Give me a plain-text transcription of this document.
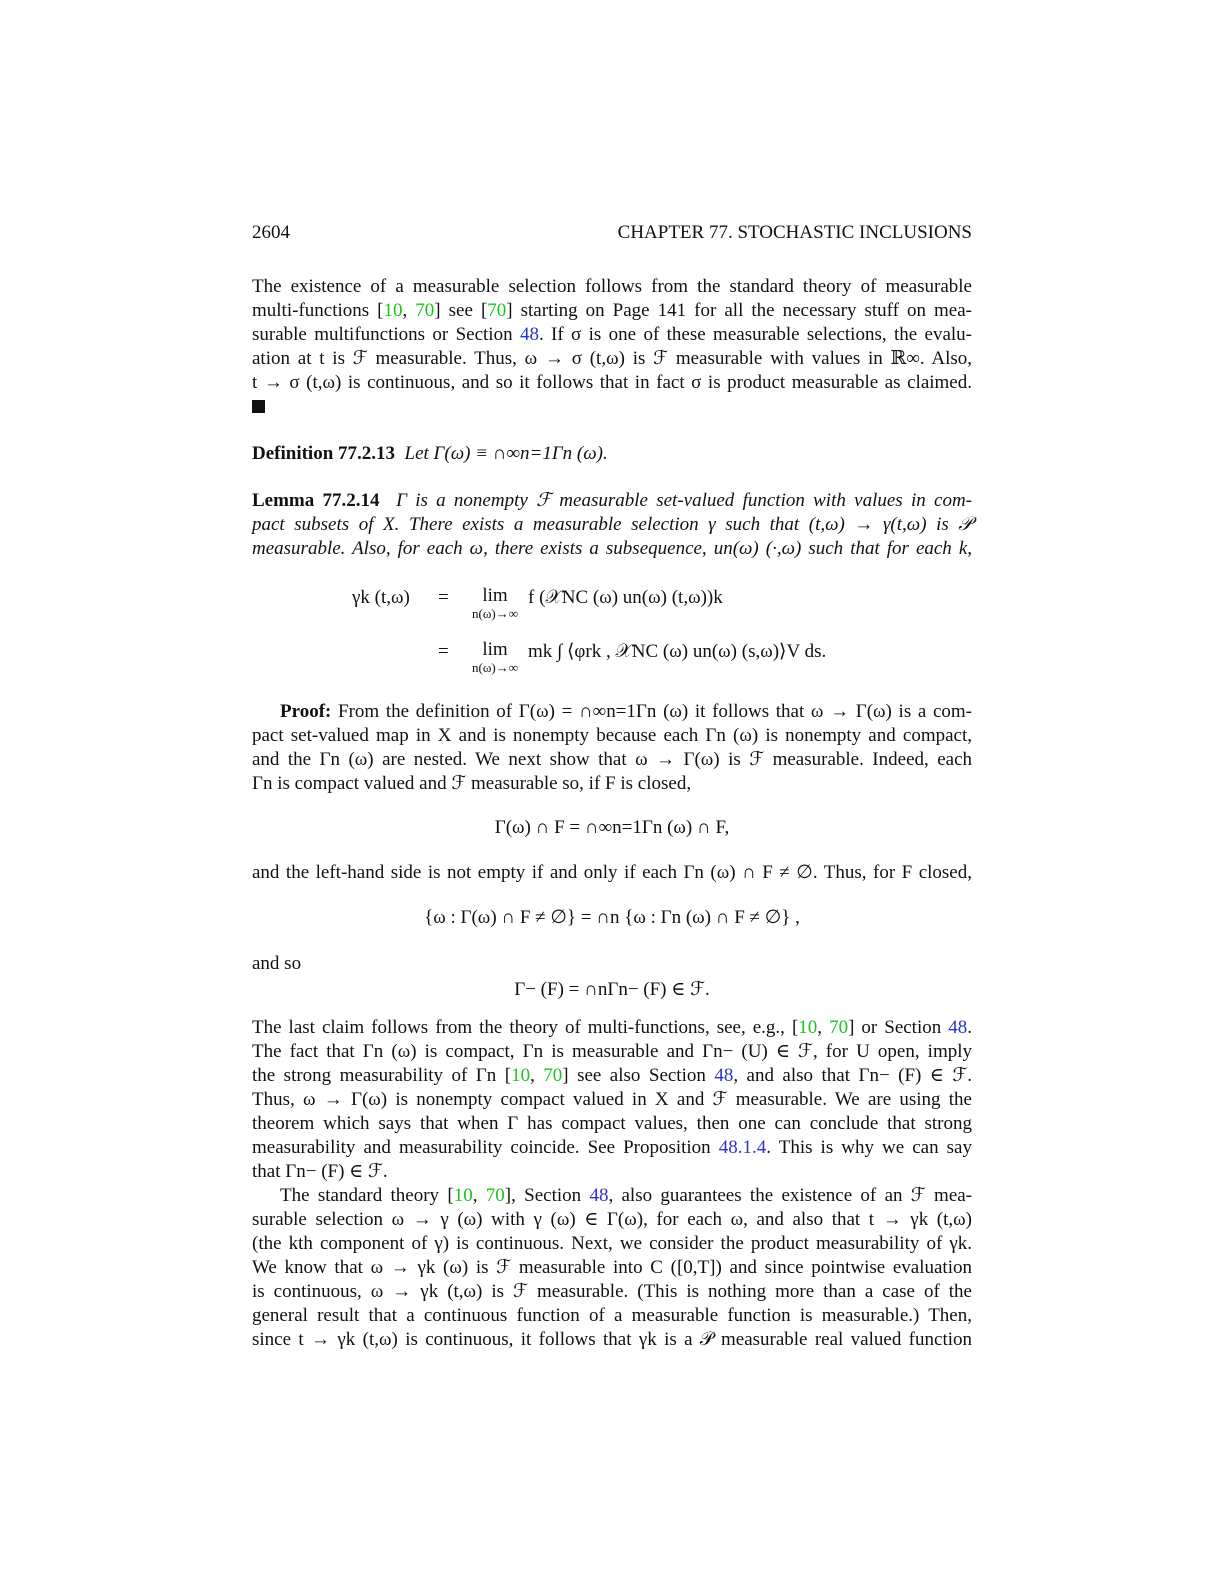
2604	CHAPTER 77. STOCHASTIC INCLUSIONS
The existence of a measurable selection follows from the standard theory of measurable
multi-functions [10, 70] see [70] starting on Page 141 for all the necessary stuff on mea-
surable multifunctions or Section 48. If σ is one of these measurable selections, the evalu-
ation at t is ℱ measurable. Thus, ω → σ (t,ω) is ℱ measurable with values in ℝ∞. Also,
t → σ (t,ω) is continuous, and so it follows that in fact σ is product measurable as claimed.
Definition 77.2.13 Let Γ(ω) ≡ ∩∞n=1Γn (ω).
Lemma 77.2.14 Γ is a nonempty ℱ measurable set-valued function with values in com-
pact subsets of X. There exists a measurable selection γ such that (t,ω) → γ(t,ω) is 𝒫
measurable. Also, for each ω, there exists a subsequence, un(ω) (·,ω) such that for each k,
γk (t,ω) =	lim
n(ω)→∞
f (𝒳NC (ω) un(ω) (t,ω))k
=	lim
n(ω)→∞
mk ∫ ⟨φrk , 𝒳NC (ω) un(ω) (s,ω)⟩V ds.
Proof: From the definition of Γ(ω) = ∩∞n=1Γn (ω) it follows that ω → Γ(ω) is a com-
pact set-valued map in X and is nonempty because each Γn (ω) is nonempty and compact,
and the Γn (ω) are nested. We next show that ω → Γ(ω) is ℱ measurable. Indeed, each
Γn is compact valued and ℱ measurable so, if F is closed,
Γ(ω) ∩ F = ∩∞n=1Γn (ω) ∩ F,
and the left-hand side is not empty if and only if each Γn (ω) ∩ F ≠ ∅. Thus, for F closed,
{ω : Γ(ω) ∩ F ≠ ∅} = ∩n {ω : Γn (ω) ∩ F ≠ ∅} ,
and so
Γ− (F) = ∩nΓn− (F) ∈ ℱ.
The last claim follows from the theory of multi-functions, see, e.g., [10, 70] or Section 48.
The fact that Γn (ω) is compact, Γn is measurable and Γn− (U) ∈ ℱ, for U open, imply
the strong measurability of Γn [10, 70] see also Section 48, and also that Γn− (F) ∈ ℱ.
Thus, ω → Γ(ω) is nonempty compact valued in X and ℱ measurable. We are using the
theorem which says that when Γ has compact values, then one can conclude that strong
measurability and measurability coincide. See Proposition 48.1.4. This is why we can say
that Γn− (F) ∈ ℱ.
The standard theory [10, 70], Section 48, also guarantees the existence of an ℱ mea-
surable selection ω → γ (ω) with γ (ω) ∈ Γ(ω), for each ω, and also that t → γk (t,ω)
(the kth component of γ) is continuous. Next, we consider the product measurability of γk.
We know that ω → γk (ω) is ℱ measurable into C ([0,T]) and since pointwise evaluation
is continuous, ω → γk (t,ω) is ℱ measurable. (This is nothing more than a case of the
general result that a continuous function of a measurable function is measurable.) Then,
since t → γk (t,ω) is continuous, it follows that γk is a 𝒫 measurable real valued function
